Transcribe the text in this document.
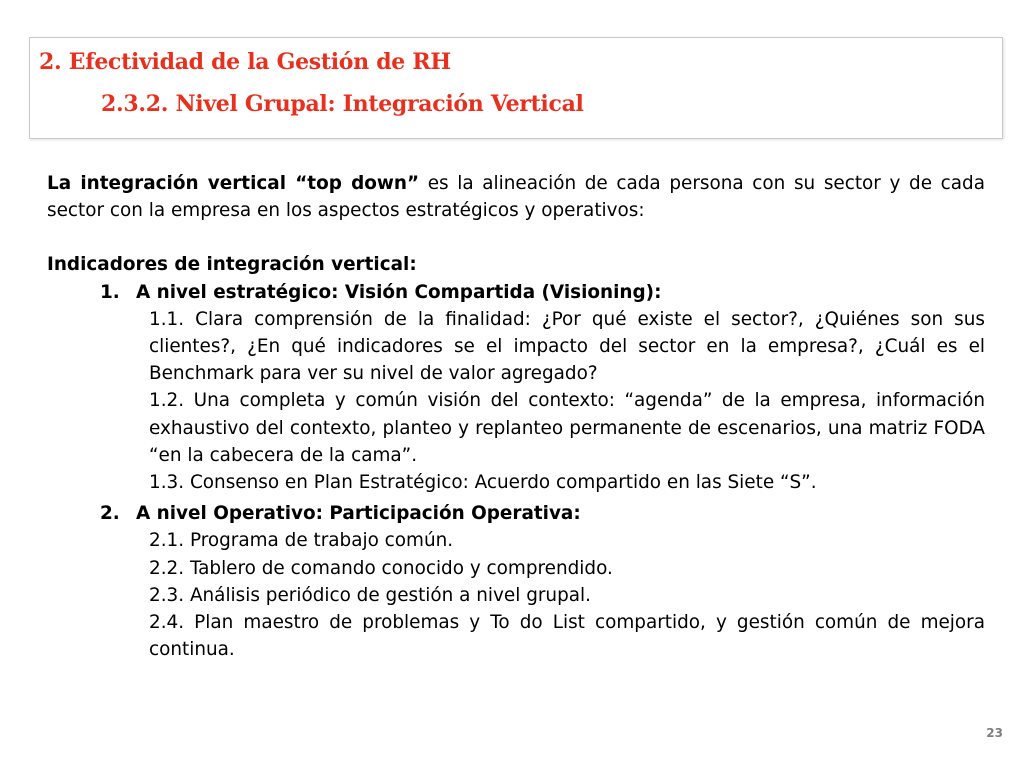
2. Efectividad de la Gestión de RH
2.3.2. Nivel Grupal: Integración Vertical

La integración vertical “top down” es la alineación de cada persona con su sector y de cada sector con la empresa en los aspectos estratégicos y operativos:

Indicadores de integración vertical:

1. A nivel estratégico: Visión Compartida (Visioning):

1.1. Clara comprensión de la finalidad: ¿Por qué existe el sector?, ¿Quiénes son sus clientes?, ¿En qué indicadores se el impacto del sector en la empresa?, ¿Cuál es el Benchmark para ver su nivel de valor agregado?

1.2. Una completa y común visión del contexto: “agenda” de la empresa, información exhaustivo del contexto, planteo y replanteo permanente de escenarios, una matriz FODA “en la cabecera de la cama”.

1.3. Consenso en Plan Estratégico: Acuerdo compartido en las Siete “S”.

2. A nivel Operativo: Participación Operativa:

2.1. Programa de trabajo común.

2.2. Tablero de comando conocido y comprendido.

2.3. Análisis periódico de gestión a nivel grupal.

2.4. Plan maestro de problemas y To do List compartido, y gestión común de mejora continua.

23
